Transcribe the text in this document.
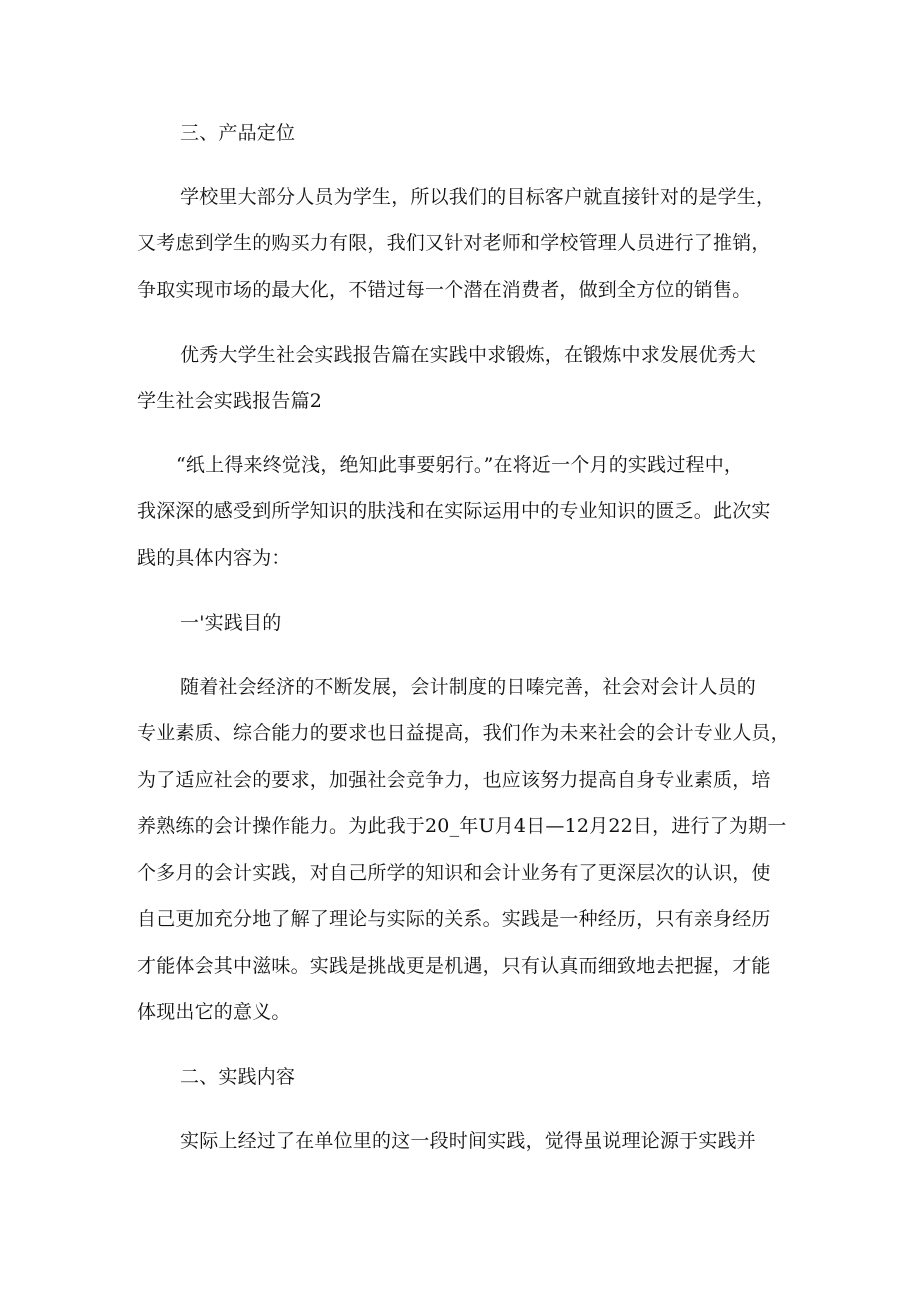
三、产品定位

学校里大部分人员为学生，所以我们的目标客户就直接针对的是学生，

又考虑到学生的购买力有限，我们又针对老师和学校管理人员进行了推销，

争取实现市场的最大化，不错过每一个潜在消费者，做到全方位的销售。

优秀大学生社会实践报告篇在实践中求锻炼，在锻炼中求发展优秀大

学生社会实践报告篇2

“纸上得来终觉浅，绝知此事要躬行。”在将近一个月的实践过程中，

我深深的感受到所学知识的肤浅和在实际运用中的专业知识的匮乏。此次实

践的具体内容为：

一'实践目的

随着社会经济的不断发展，会计制度的日嗪完善，社会对会计人员的

专业素质、综合能力的要求也日益提高，我们作为未来社会的会计专业人员，

为了适应社会的要求，加强社会竞争力，也应该努力提高自身专业素质，培

养熟练的会计操作能力。为此我于20_年U月4日—12月22日，进行了为期一

个多月的会计实践，对自己所学的知识和会计业务有了更深层次的认识，使

自己更加充分地了解了理论与实际的关系。实践是一种经历，只有亲身经历

才能体会其中滋味。实践是挑战更是机遇，只有认真而细致地去把握，才能

体现出它的意义。

二、实践内容

实际上经过了在单位里的这一段时间实践，觉得虽说理论源于实践并
